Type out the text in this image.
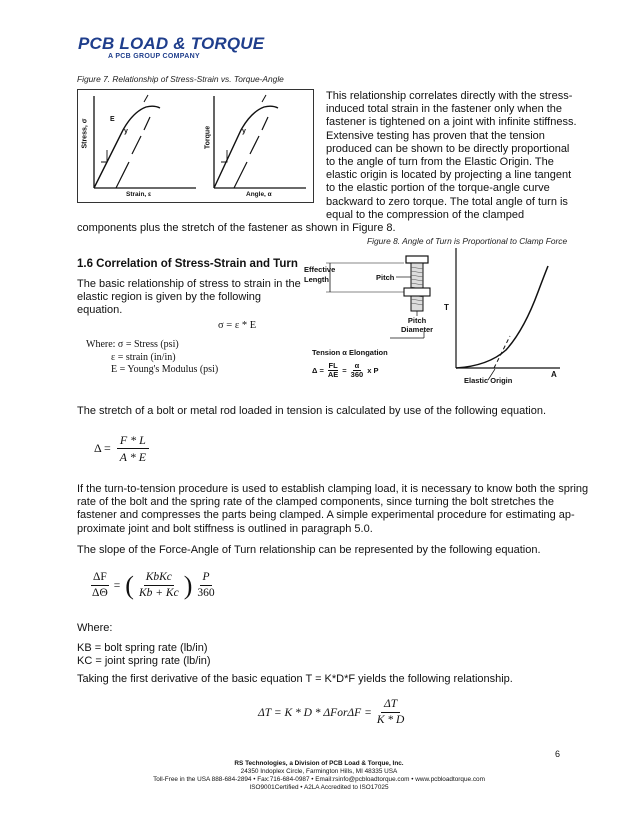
PCB LOAD & TORQUE
A PCB GROUP COMPANY
Figure 7. Relationship of Stress-Strain vs. Torque-Angle
Stress, σ
Strain, ε
E
y	Torque
Angle, α
y
This relationship correlates directly with the stress-
induced total strain in the fastener only when the
fastener is tightened on a joint with infinite stiffness.
Extensive testing has proven that the tension
produced can be shown to be directly proportional
to the angle of turn from the Elastic Origin. The
elastic origin is located by projecting a line tangent
to the elastic portion of the torque-angle curve
backward to zero torque. The total angle of turn is
equal to the compression of the clamped
components plus the stretch of the fastener as shown in Figure 8.
Figure 8. Angle of Turn is Proportional to Clamp Force
Effective
Length	Pitch
Pitch
Diameter
Tension α Elongation
$\Delta = \frac{FL}{AE} = \frac{\alpha}{360}$ x P
T
A
Elastic Origin
1.6 Correlation of Stress-Strain and Turn
The basic relationship of stress to strain in the
elastic region is given by the following
equation.
σ = ε * E
Where: σ = Stress (psi)
ε = strain (in/in)
E = Young's Modulus (psi)
The stretch of a bolt or metal rod loaded in tension is calculated by use of the following equation.
$\Delta = \frac{F * L}{A * E}$
If the turn-to-tension procedure is used to establish clamping load, it is necessary to know both the spring
rate of the bolt and the spring rate of the clamped components, since turning the bolt stretches the
fastener and compresses the parts being clamped. A simple experimental procedure for estimating ap-
proximate joint and bolt stiffness is outlined in paragraph 5.0.
The slope of the Force-Angle of Turn relationship can be represented by the following equation.
$\frac{\Delta F}{\Delta\Theta}$ = ( KbKc
Kb + Kc ) $\frac{P}{360}$
Where:
KB = bolt spring rate (lb/in)
KC = joint spring rate (lb/in)
Taking the first derivative of the basic equation T = K*D*F yields the following relationship.
$\Delta T = K * D * \Delta For\Delta F = \frac{\Delta T}{K * D}$
6
RS Technologies, a Division of PCB Load & Torque, Inc.
24350 Indoplex Circle, Farmington Hills, MI 48335 USA
Toll-Free in the USA 888-684-2894 • Fax:716-684-0987 • Email:rsinfo@pcbloadtorque.com • www.pcbloadtorque.com
ISO9001Certified • A2LA Accredited to ISO17025
